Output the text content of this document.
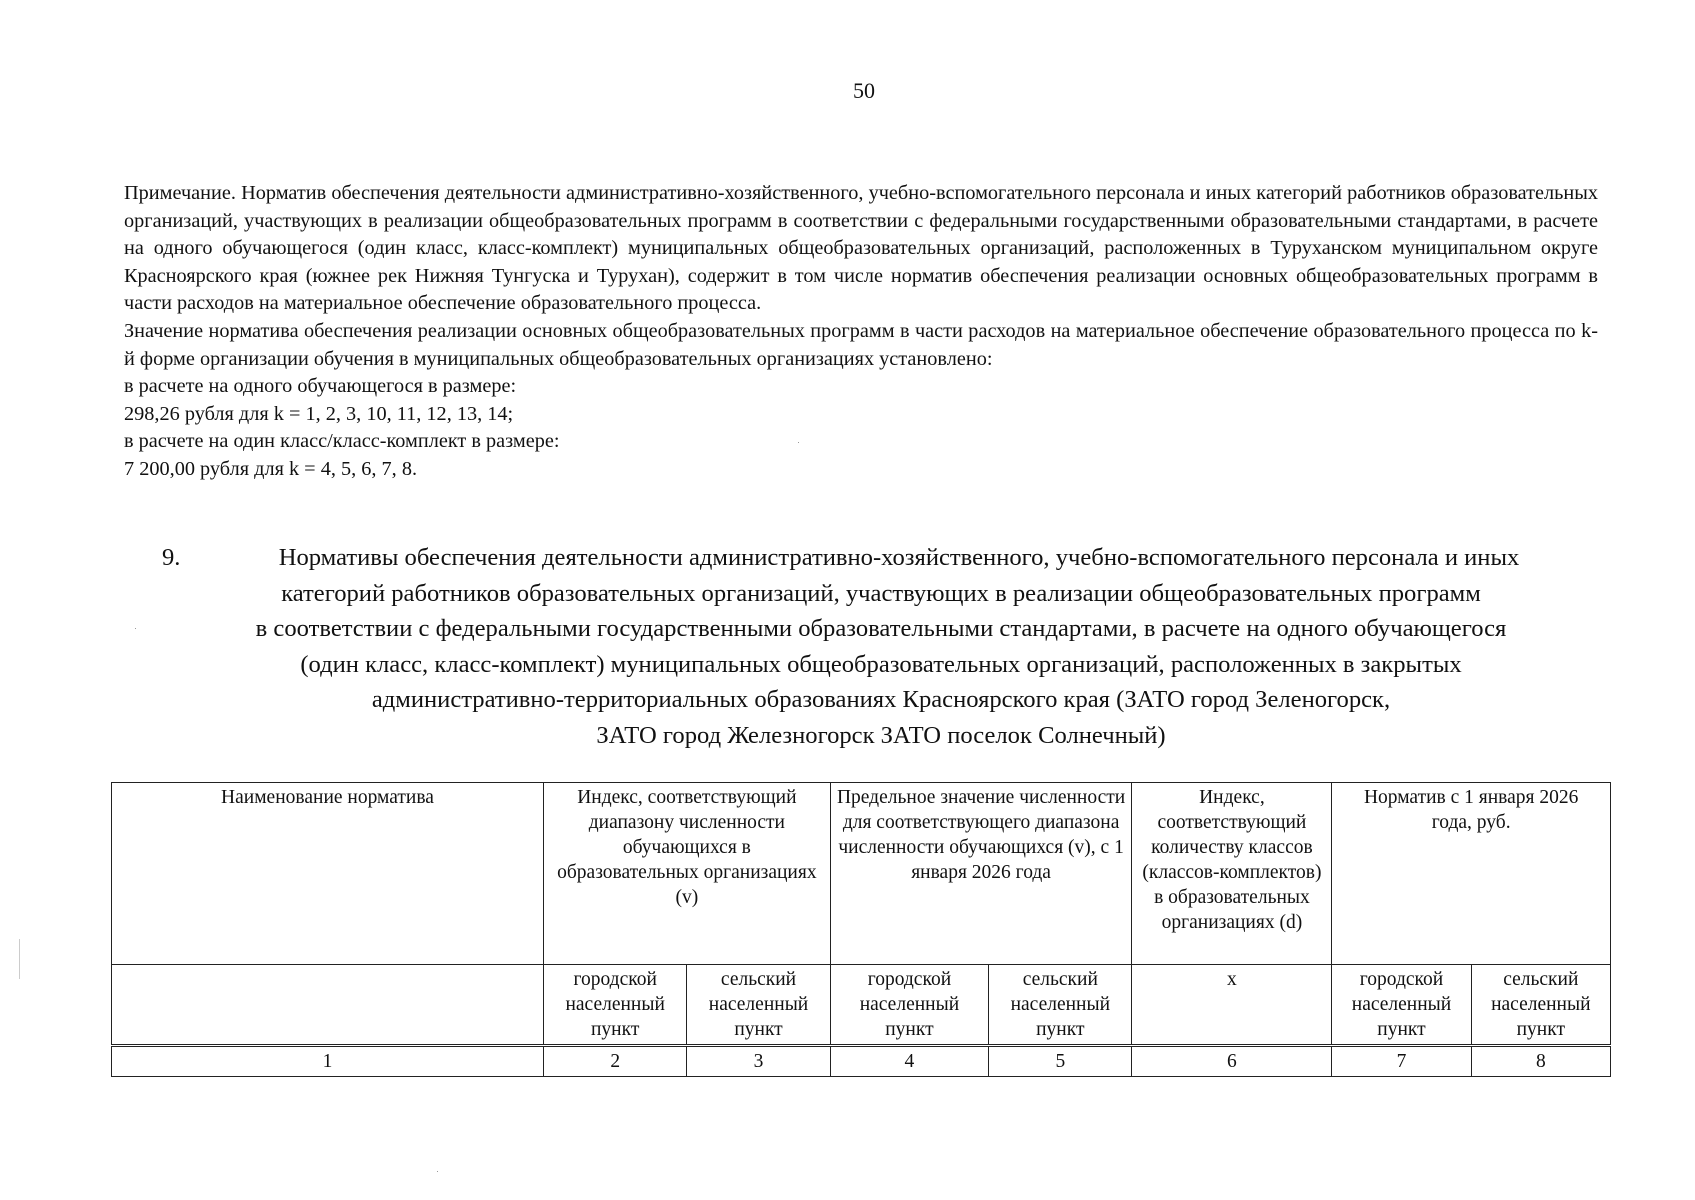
50

Примечание. Норматив обеспечения деятельности административно-хозяйственного, учебно-вспомогательного персонала и иных категорий работников образовательных организаций, участвующих в реализации общеобразовательных программ в соответствии с федеральными государственными образовательными стандартами, в расчете на одного обучающегося (один класс, класс-комплект) муниципальных общеобразовательных организаций, расположенных в Туруханском муниципальном округе Красноярского края (южнее рек Нижняя Тунгуска и Турухан), содержит в том числе норматив обеспечения реализации основных общеобразовательных программ в части расходов на материальное обеспечение образовательного процесса.

Значение норматива обеспечения реализации основных общеобразовательных программ в части расходов на материальное обеспечение образовательного процесса по k-й форме организации обучения в муниципальных общеобразовательных организациях установлено:

в расчете на одного обучающегося в размере:

298,26 рубля для k = 1, 2, 3, 10, 11, 12, 13, 14;

в расчете на один класс/класс-комплект в размере:

7 200,00 рубля для k = 4, 5, 6, 7, 8.

9.	Нормативы обеспечения деятельности административно-хозяйственного, учебно-вспомогательного персонала и иных
категорий работников образовательных организаций, участвующих в реализации общеобразовательных программ
в соответствии с федеральными государственными образовательными стандартами, в расчете на одного обучающегося
(один класс, класс-комплект) муниципальных общеобразовательных организаций, расположенных в закрытых
административно-территориальных образованиях Красноярского края (ЗАТО город Зеленогорск,
ЗАТО город Железногорск ЗАТО поселок Солнечный)
Наименование норматива	Индекс, соответствующий диапазону численности обучающихся в образовательных организациях (v)		Предельное значение численности для соответствующего диапазона численности обучающихся (v), с 1 января 2026 года		Индекс, соответствующий количеству классов (классов-комплектов) в образовательных организациях (d)	Норматив с 1 января 2026 года, руб.	
	городской населенный пункт	сельский населенный пункт	городской населенный пункт	сельский населенный пункт	x	городской населенный пункт	сельский населенный пункт
1	2	3	4	5	6	7	8
